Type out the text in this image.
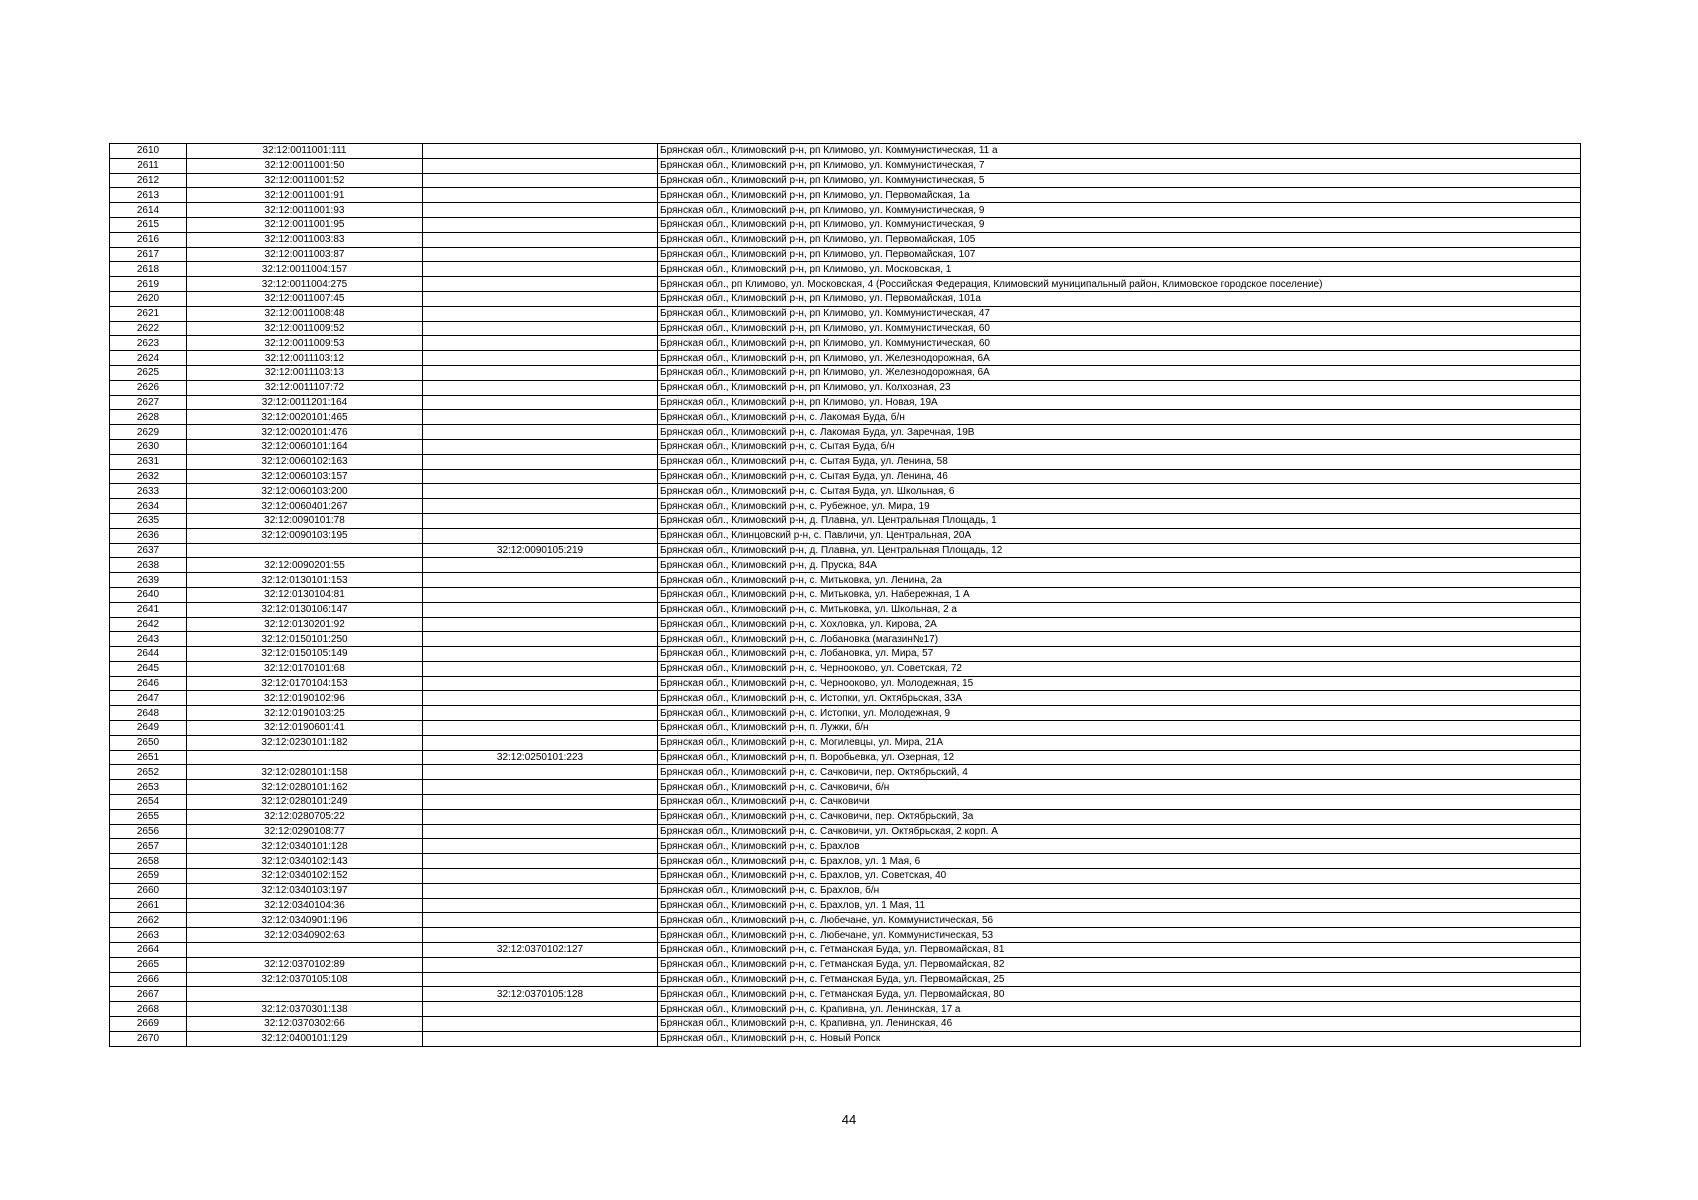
2610	32:12:0011001:111		Брянская обл., Климовский р-н, рп Климово, ул. Коммунистическая, 11 а
2611	32:12:0011001:50		Брянская обл., Климовский р-н, рп Климово, ул. Коммунистическая, 7
2612	32:12:0011001:52		Брянская обл., Климовский р-н, рп Климово, ул. Коммунистическая, 5
2613	32:12:0011001:91		Брянская обл., Климовский р-н, рп Климово, ул. Первомайская, 1а
2614	32:12:0011001:93		Брянская обл., Климовский р-н, рп Климово, ул. Коммунистическая, 9
2615	32:12:0011001:95		Брянская обл., Климовский р-н, рп Климово, ул. Коммунистическая, 9
2616	32:12:0011003:83		Брянская обл., Климовский р-н, рп Климово, ул. Первомайская, 105
2617	32:12:0011003:87		Брянская обл., Климовский р-н, рп Климово, ул. Первомайская, 107
2618	32:12:0011004:157		Брянская обл., Климовский р-н, рп Климово, ул. Московская, 1
2619	32:12:0011004:275		Брянская обл., рп Климово, ул. Московская, 4 (Российская Федерация, Климовский муниципальный район, Климовское городское поселение)
2620	32:12:0011007:45		Брянская обл., Климовский р-н, рп Климово, ул. Первомайская, 101а
2621	32:12:0011008:48		Брянская обл., Климовский р-н, рп Климово, ул. Коммунистическая, 47
2622	32:12:0011009:52		Брянская обл., Климовский р-н, рп Климово, ул. Коммунистическая, 60
2623	32:12:0011009:53		Брянская обл., Климовский р-н, рп Климово, ул. Коммунистическая, 60
2624	32:12:0011103:12		Брянская обл., Климовский р-н, рп Климово, ул. Железнодорожная, 6А
2625	32:12:0011103:13		Брянская обл., Климовский р-н, рп Климово, ул. Железнодорожная, 6А
2626	32:12:0011107:72		Брянская обл., Климовский р-н, рп Климово, ул. Колхозная, 23
2627	32:12:0011201:164		Брянская обл., Климовский р-н, рп Климово, ул. Новая, 19А
2628	32:12:0020101:465		Брянская обл., Климовский р-н, с. Лакомая Буда, б/н
2629	32:12:0020101:476		Брянская обл., Климовский р-н, с. Лакомая Буда, ул. Заречная, 19В
2630	32:12:0060101:164		Брянская обл., Климовский р-н, с. Сытая Буда, б/н
2631	32:12:0060102:163		Брянская обл., Климовский р-н, с. Сытая Буда, ул. Ленина, 58
2632	32:12:0060103:157		Брянская обл., Климовский р-н, с. Сытая Буда, ул. Ленина, 46
2633	32:12:0060103:200		Брянская обл., Климовский р-н, с. Сытая Буда, ул. Школьная, 6
2634	32:12:0060401:267		Брянская обл., Климовский р-н, с. Рубежное, ул. Мира, 19
2635	32:12:0090101:78		Брянская обл., Климовский р-н, д. Плавна, ул. Центральная Площадь, 1
2636	32:12:0090103:195		Брянская обл., Клинцовский р-н, с. Павличи, ул. Центральная, 20А
2637		32:12:0090105:219	Брянская обл., Климовский р-н, д. Плавна, ул. Центральная Площадь, 12
2638	32:12:0090201:55		Брянская обл., Климовский р-н, д. Пруска, 84А
2639	32:12:0130101:153		Брянская обл., Климовский р-н, с. Митьковка, ул. Ленина, 2а
2640	32:12:0130104:81		Брянская обл., Климовский р-н, с. Митьковка, ул. Набережная, 1 А
2641	32:12:0130106:147		Брянская обл., Климовский р-н, с. Митьковка, ул. Школьная, 2 а
2642	32:12:0130201:92		Брянская обл., Климовский р-н, с. Хохловка, ул. Кирова, 2А
2643	32:12:0150101:250		Брянская обл., Климовский р-н, с. Лобановка (магазин№17)
2644	32:12:0150105:149		Брянская обл., Климовский р-н, с. Лобановка, ул. Мира, 57
2645	32:12:0170101:68		Брянская обл., Климовский р-н, с. Чернооково, ул. Советская, 72
2646	32:12:0170104:153		Брянская обл., Климовский р-н, с. Чернооково, ул. Молодежная, 15
2647	32:12:0190102:96		Брянская обл., Климовский р-н, с. Истопки, ул. Октябрьская, 33А
2648	32:12:0190103:25		Брянская обл., Климовский р-н, с. Истопки, ул. Молодежная, 9
2649	32:12:0190601:41		Брянская обл., Климовский р-н, п. Лужки, б/н
2650	32:12:0230101:182		Брянская обл., Климовский р-н, с. Могилевцы, ул. Мира, 21А
2651		32:12:0250101:223	Брянская обл., Климовский р-н, п. Воробьевка, ул. Озерная, 12
2652	32:12:0280101:158		Брянская обл., Климовский р-н, с. Сачковичи, пер. Октябрьский, 4
2653	32:12:0280101:162		Брянская обл., Климовский р-н, с. Сачковичи, б/н
2654	32:12:0280101:249		Брянская обл., Климовский р-н, с. Сачковичи
2655	32:12:0280705:22		Брянская обл., Климовский р-н, с. Сачковичи, пер. Октябрьский, 3а
2656	32:12:0290108:77		Брянская обл., Климовский р-н, с. Сачковичи, ул. Октябрьская, 2 корп. А
2657	32:12:0340101:128		Брянская обл., Климовский р-н, с. Брахлов
2658	32:12:0340102:143		Брянская обл., Климовский р-н, с. Брахлов, ул. 1 Мая, 6
2659	32:12:0340102:152		Брянская обл., Климовский р-н, с. Брахлов, ул. Советская, 40
2660	32:12:0340103:197		Брянская обл., Климовский р-н, с. Брахлов, б/н
2661	32:12:0340104:36		Брянская обл., Климовский р-н, с. Брахлов, ул. 1 Мая, 11
2662	32:12:0340901:196		Брянская обл., Климовский р-н, с. Любечане, ул. Коммунистическая, 56
2663	32:12:0340902:63		Брянская обл., Климовский р-н, с. Любечане, ул. Коммунистическая, 53
2664		32:12:0370102:127	Брянская обл., Климовский р-н, с. Гетманская Буда, ул. Первомайская, 81
2665	32:12:0370102:89		Брянская обл., Климовский р-н, с. Гетманская Буда, ул. Первомайская, 82
2666	32:12:0370105:108		Брянская обл., Климовский р-н, с. Гетманская Буда, ул. Первомайская, 25
2667		32:12:0370105:128	Брянская обл., Климовский р-н, с. Гетманская Буда, ул. Первомайская, 80
2668	32:12:0370301:138		Брянская обл., Климовский р-н, с. Крапивна, ул. Ленинская, 17 а
2669	32:12:0370302:66		Брянская обл., Климовский р-н, с. Крапивна, ул. Ленинская, 46
2670	32:12:0400101:129		Брянская обл., Климовский р-н, с. Новый Ропск
44
